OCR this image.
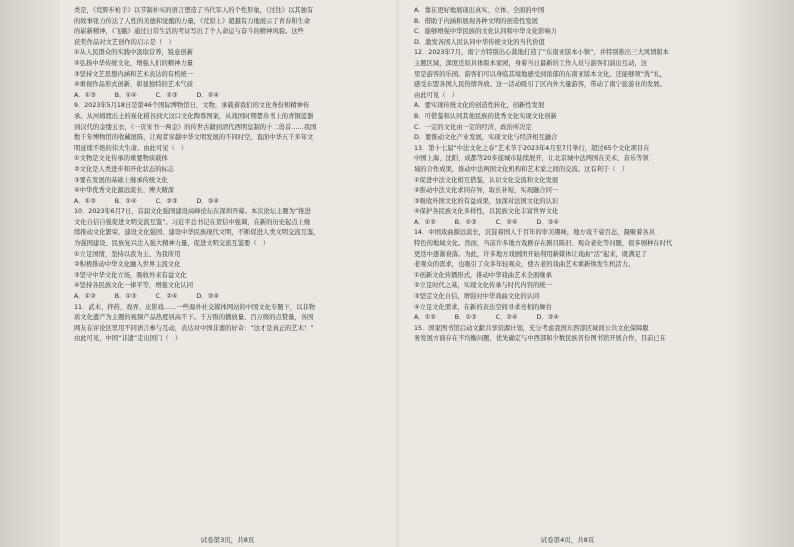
类是，《荒野步枪手》以节制朴实的语言塑造了当代军人的个性形象，《过往》以其独有

的故事张力传达了人性的美德和觉醒的力量，《荒原上》超越有力地展示了青春和生命

的崭新精神，《飞蛾》通过日常生活的考证写出了个人命运与奋斗的精神风貌。这些

获奖作品对文艺创作的启示是（　）

①从人民群众的实践中汲取营养，锐意创新

②弘扬中华传统文化，增强人们的精神力量

③坚持文艺思想内涵和艺术表达的有机统一

④重视作品形式创新，彰显独特的艺术气质

A．①③　　　B．①④　　　C．②③　　　D．②④

9．2023年5月18日是第46个国际博物馆日，文物，承载着我们的文化身份和精神传

承。从河姆渡出土的炭化稻谷到大汶口文化陶尊图案，从战国时期楚帛书上的青铜蓝器

到汉代的金缕玉衣，《一页宋书一两金》的传世古籍到清代西明皇制的十二兽首……我国

数千年博物馆的收藏展陈，让观者穿越中华文明发展的不同时空，直面中华五千多年文

明延续不绝的伟大生命。由此可见（　）

①文物是文化传承的重要物质载体

②文化是人类进步和开化状态的标志

③要在发展的基础上继承传统文化

④中华优秀文化源远流长、博大精深

A．①②　　　B．①④　　　C．②③　　　D．③④

10．2023年6月7日，首届文化强国建设高峰论坛在深圳开幕。本次论坛主题为“推进

文化自信自强促进文明交流互鉴”。习近平总书记在贺信中强调，在新的历史起点上继

续推动文化繁荣、建设文化强国、建设中华民族现代文明，不断促进人类文明交流互鉴，

为强国建设、民族复兴注入强大精神力量，促进文明交流互鉴要（　）

①立足国情，坚持以我为主、为我所用

②积极推动中华文化融入世界主流文化

③坚守中华文化立场，吸收外来有益文化

④坚持各民族文化一律平等，增强文化认同

A．①②　　　B．①③　　　C．②④　　　D．③④

11．武术、拌药、戏弄、皮影戏……一些海外社交媒体网站的中国文化专题下，以非物

质文化遗产为主题的视频产品热度居高不下。千万级的播放量、百万级的点赞量，各国

网友在评论区里用不同语言参与互动，表达对中国非遗的好奇：“这才是真正的艺术！”

由此可见，中国“非遗”走出国门（　）

A．靠在更好地展现出真实、立体、全面的中国

B．借助于内涵和展现各种文明的创造性发展

C．能够增强中华民族的文化认同和中华文化影响力

D．激发各国人民认同中华传统文化的当代价值

12．2023年7月，南宁方特别出心裁地打造了“东南亚版本小镇”，并特别推出三大风情版本

主题区域，深度还原具体版本家园，身着当日最新的工作人员与游客们演出互动，这

里是游客的乐园。游客们可以身临其境地感受到浓郁的东南亚版本文化，还能够领“洗”礼，

感受东盟各国人民热情奔放。这一活动吸引了区内外大量游客，带动了南宁旅游业的发展。

由此可见（　）

A．要实现传统文化的创造性转化，创新性发展

B．可借鉴和认同其他民族的优秀文化实现文化创新

C．一定的文化由一定的经济、政治所决定

D．要推动文化产业发展，实现文化与经济相互融合

13．第十七届“中法文化之春”艺术节于2023年4月至7月举行，超过65个文化项目在

中国上海、沈阳、成都等20多座城市陆续展开，让北京城中法两国在美术、音乐等领

域的合作成果，推动中法两国文化机构和艺术家之间的交流。这有利于（　）

①促进中法文化相互借鉴，认识文化交流和文化发展

②推动中法文化求同存异，取长补短，实现融合同一

③吸收外国文化的有益成果，加深对法国文化的认识

④保护各民族文化多样性，以民族文化丰富世界文化

A．①②　　　B．①③　　　C．②④　　　D．③④

14．中国戏曲源远流长，沉淀着国人千百年的审美趣味，地方戏千姿百态，凝聚着各具

特色的地域文化。然而，当前许多地方戏剧存在剧目陈旧、观众老化等问题，很多剧种在时代

更迭中逐渐衰落。为此，许多地方戏剧团开始利用新媒体让戏曲“活”起来，既满足了

老观众的需求，也吸引了众多年轻观众，使古老的戏曲艺术重新焕发生机活力。

①创新文化传播形式，推动中华戏曲艺术全面继承

②立足时代之基，实现文化传承与时代内容的统一

③坚定文化自信，增强对中华戏曲文化的认同

④立足文化需求，在新的表达空间寻求亮相的舞台

A．①②　　　B．①③　　　C．②④　　　D．③④

15．国家图书馆启动文献共享资源计划，充分考虑我国东西部区域间公共文化保障服

务发展方面存在不均衡问题，优先确定与中西部和少数民族省份图书馆开展合作，目前已在

试卷第3页，共8页	试卷第4页，共8页
